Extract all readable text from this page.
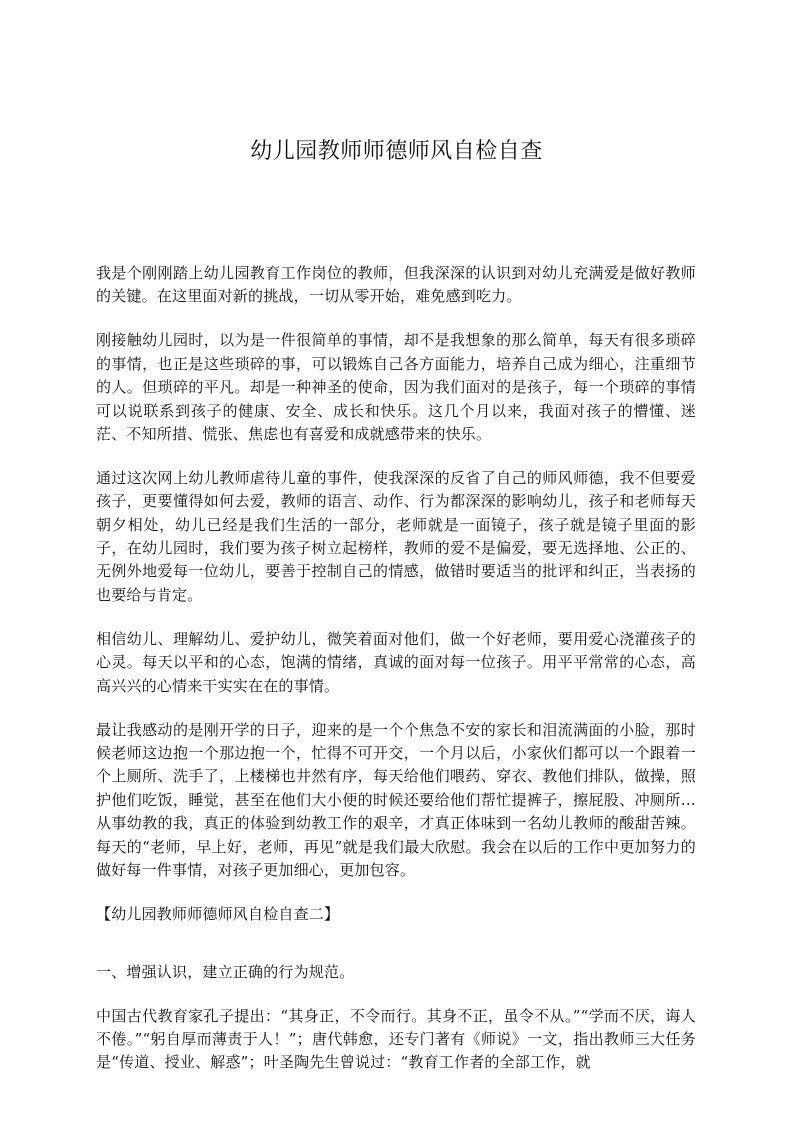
幼儿园教师师德师风自检自查

我是个刚刚踏上幼儿园教育工作岗位的教师，但我深深的认识到对幼儿充满爱是做好教师的关键。在这里面对新的挑战，一切从零开始，难免感到吃力。

刚接触幼儿园时，以为是一件很简单的事情，却不是我想象的那么简单，每天有很多琐碎的事情，也正是这些琐碎的事，可以锻炼自己各方面能力，培养自己成为细心，注重细节的人。但琐碎的平凡。却是一种神圣的使命，因为我们面对的是孩子，每一个琐碎的事情可以说联系到孩子的健康、安全、成长和快乐。这几个月以来，我面对孩子的懵懂、迷茫、不知所措、慌张、焦虑也有喜爱和成就感带来的快乐。

通过这次网上幼儿教师虐待儿童的事件，使我深深的反省了自己的师风师德，我不但要爱孩子，更要懂得如何去爱，教师的语言、动作、行为都深深的影响幼儿，孩子和老师每天朝夕相处，幼儿已经是我们生活的一部分，老师就是一面镜子，孩子就是镜子里面的影子，在幼儿园时，我们要为孩子树立起榜样，教师的爱不是偏爱，要无选择地、公正的、无例外地爱每一位幼儿，要善于控制自己的情感，做错时要适当的批评和纠正，当表扬的也要给与肯定。

相信幼儿、理解幼儿、爱护幼儿，微笑着面对他们，做一个好老师，要用爱心浇灌孩子的心灵。每天以平和的心态，饱满的情绪，真诚的面对每一位孩子。用平平常常的心态，高高兴兴的心情来干实实在在的事情。

最让我感动的是刚开学的日子，迎来的是一个个焦急不安的家长和泪流满面的小脸，那时候老师这边抱一个那边抱一个，忙得不可开交，一个月以后，小家伙们都可以一个跟着一个上厕所、洗手了，上楼梯也井然有序，每天给他们喂药、穿衣、教他们排队，做操，照护他们吃饭，睡觉，甚至在他们大小便的时候还要给他们帮忙提裤子，擦屁股、冲厕所…从事幼教的我，真正的体验到幼教工作的艰辛，才真正体味到一名幼儿教师的酸甜苦辣。每天的“老师，早上好，老师，再见”就是我们最大欣慰。我会在以后的工作中更加努力的做好每一件事情，对孩子更加细心，更加包容。

【幼儿园教师师德师风自检自查二】

一、增强认识，建立正确的行为规范。

中国古代教育家孔子提出：“其身正，不令而行。其身不正，虽令不从。”“学而不厌，诲人不倦。”“躬自厚而薄责于人！”；唐代韩愈，还专门著有《师说》一文，指出教师三大任务是“传道、授业、解惑”；叶圣陶先生曾说过：“教育工作者的全部工作，就
